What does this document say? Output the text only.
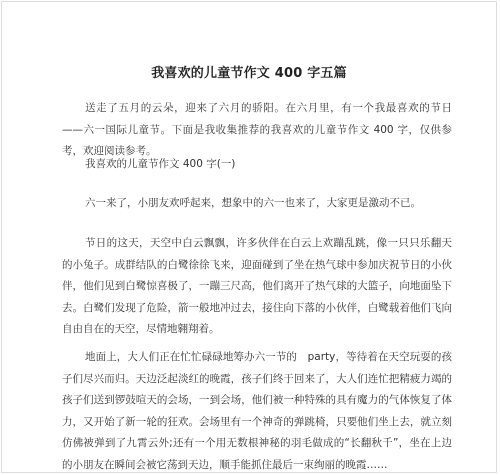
我喜欢的儿童节作文 400 字五篇

送走了五月的云朵，迎来了六月的骄阳。在六月里，有一个我最喜欢的节日——六一国际儿童节。下面是我收集推荐的我喜欢的儿童节作文 400 字，仅供参考，欢迎阅读参考。

我喜欢的儿童节作文 400 字(一)

六一来了，小朋友欢呼起来，想象中的六一也来了，大家更是激动不已。

节日的这天，天空中白云飘飘，许多伙伴在白云上欢蹦乱跳，像一只只乐翻天的小兔子。成群结队的白鹭徐徐飞来，迎面碰到了坐在热气球中参加庆祝节日的小伙伴，他们见到白鹭惊喜极了，一蹦三尺高，他们离开了热气球的大篮子，向地面坠下去。白鹭们发现了危险，箭一般地冲过去，接住向下落的小伙伴，白鹭载着他们飞向自由自在的天空，尽情地翱翔着。

地面上，大人们正在忙忙碌碌地筹办六一节的　party，等待着在天空玩耍的孩子们尽兴而归。天边泛起淡红的晚霞，孩子们终于回来了，大人们连忙把精疲力竭的孩子们送到锣鼓喧天的会场，一到会场，他们被一种特殊的具有魔力的气体恢复了体力，又开始了新一轮的狂欢。会场里有一个神奇的弹跳椅，只要他们坐上去，就立刻仿佛被弹到了九霄云外;还有一个用无数根神秘的羽毛做成的“长翻秋千”，坐在上边的小朋友在瞬间会被它荡到天边，顺手能抓住最后一束绚丽的晚霞……
